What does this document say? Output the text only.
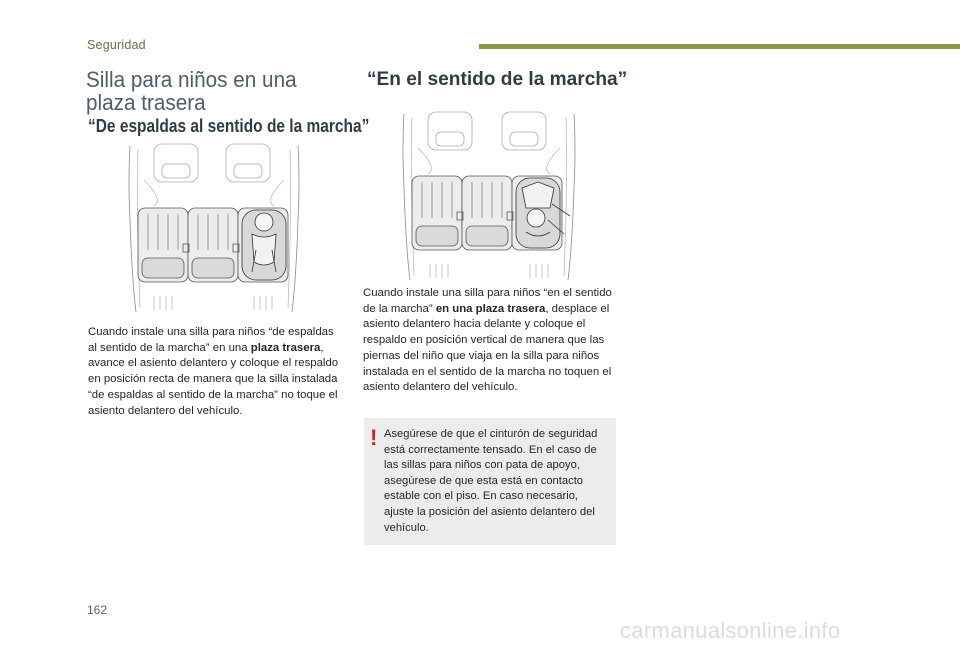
Seguridad
Silla para niños en una plaza trasera
“De espaldas al sentido de la marcha”

Cuando instale una silla para niños “de espaldas al sentido de la marcha” en una plaza trasera, avance el asiento delantero y coloque el respaldo en posición recta de manera que la silla instalada “de espaldas al sentido de la marcha” no toque el asiento delantero del vehículo.

“En el sentido de la marcha”

Cuando instale una silla para niños “en el sentido de la marcha” en una plaza trasera, desplace el asiento delantero hacia delante y coloque el respaldo en posición vertical de manera que las piernas del niño que viaja en la silla para niños instalada en el sentido de la marcha no toquen el asiento delantero del vehículo.

! Asegúrese de que el cinturón de seguridad está correctamente tensado. En el caso de las sillas para niños con pata de apoyo, asegúrese de que esta está en contacto estable con el piso. En caso necesario, ajuste la posición del asiento delantero del vehículo.
162
carmanualsonline.info
